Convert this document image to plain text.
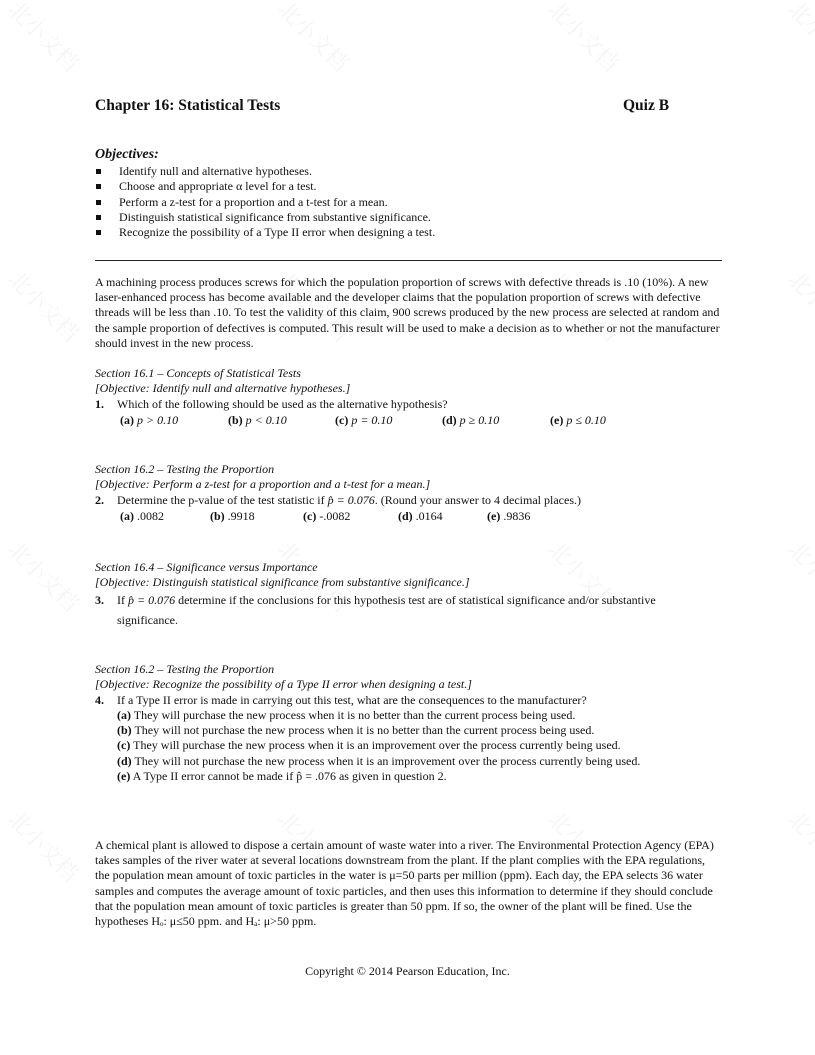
Chapter 16: Statistical Tests	Quiz B
Objectives:
Identify null and alternative hypotheses.
Choose and appropriate α level for a test.
Perform a z-test for a proportion and a t-test for a mean.
Distinguish statistical significance from substantive significance.
Recognize the possibility of a Type II error when designing a test.
A machining process produces screws for which the population proportion of screws with defective threads is .10 (10%). A new laser-enhanced process has become available and the developer claims that the population proportion of screws with defective threads will be less than .10. To test the validity of this claim, 900 screws produced by the new process are selected at random and the sample proportion of defectives is computed. This result will be used to make a decision as to whether or not the manufacturer should invest in the new process.
Section 16.1 – Concepts of Statistical Tests
[Objective: Identify null and alternative hypotheses.]
1. Which of the following should be used as the alternative hypothesis?
(a) p > 0.10	(b) p < 0.10	(c) p = 0.10	(d) p ≥ 0.10	(e) p ≤ 0.10
Section 16.2 – Testing the Proportion
[Objective: Perform a z-test for a proportion and a t-test for a mean.]
2. Determine the p-value of the test statistic if p̂ = 0.076. (Round your answer to 4 decimal places.)
(a) .0082	(b) .9918	(c) -.0082	(d) .0164	(e) .9836
Section 16.4 – Significance versus Importance
[Objective: Distinguish statistical significance from substantive significance.]
3. If p̂ = 0.076 determine if the conclusions for this hypothesis test are of statistical significance and/or substantive significance.
Section 16.2 – Testing the Proportion
[Objective: Recognize the possibility of a Type II error when designing a test.]
4. If a Type II error is made in carrying out this test, what are the consequences to the manufacturer?
(a) They will purchase the new process when it is no better than the current process being used.
(b) They will not purchase the new process when it is no better than the current process being used.
(c) They will purchase the new process when it is an improvement over the process currently being used.
(d) They will not purchase the new process when it is an improvement over the process currently being used.
(e) A Type II error cannot be made if p̂ = .076 as given in question 2.
A chemical plant is allowed to dispose a certain amount of waste water into a river. The Environmental Protection Agency (EPA) takes samples of the river water at several locations downstream from the plant. If the plant complies with the EPA regulations, the population mean amount of toxic particles in the water is μ=50 parts per million (ppm). Each day, the EPA selects 36 water samples and computes the average amount of toxic particles, and then uses this information to determine if they should conclude that the population mean amount of toxic particles is greater than 50 ppm. If so, the owner of the plant will be fined. Use the hypotheses Hₒ: μ≤50 ppm. and Hₐ: μ>50 ppm.
Copyright © 2014 Pearson Education, Inc.
